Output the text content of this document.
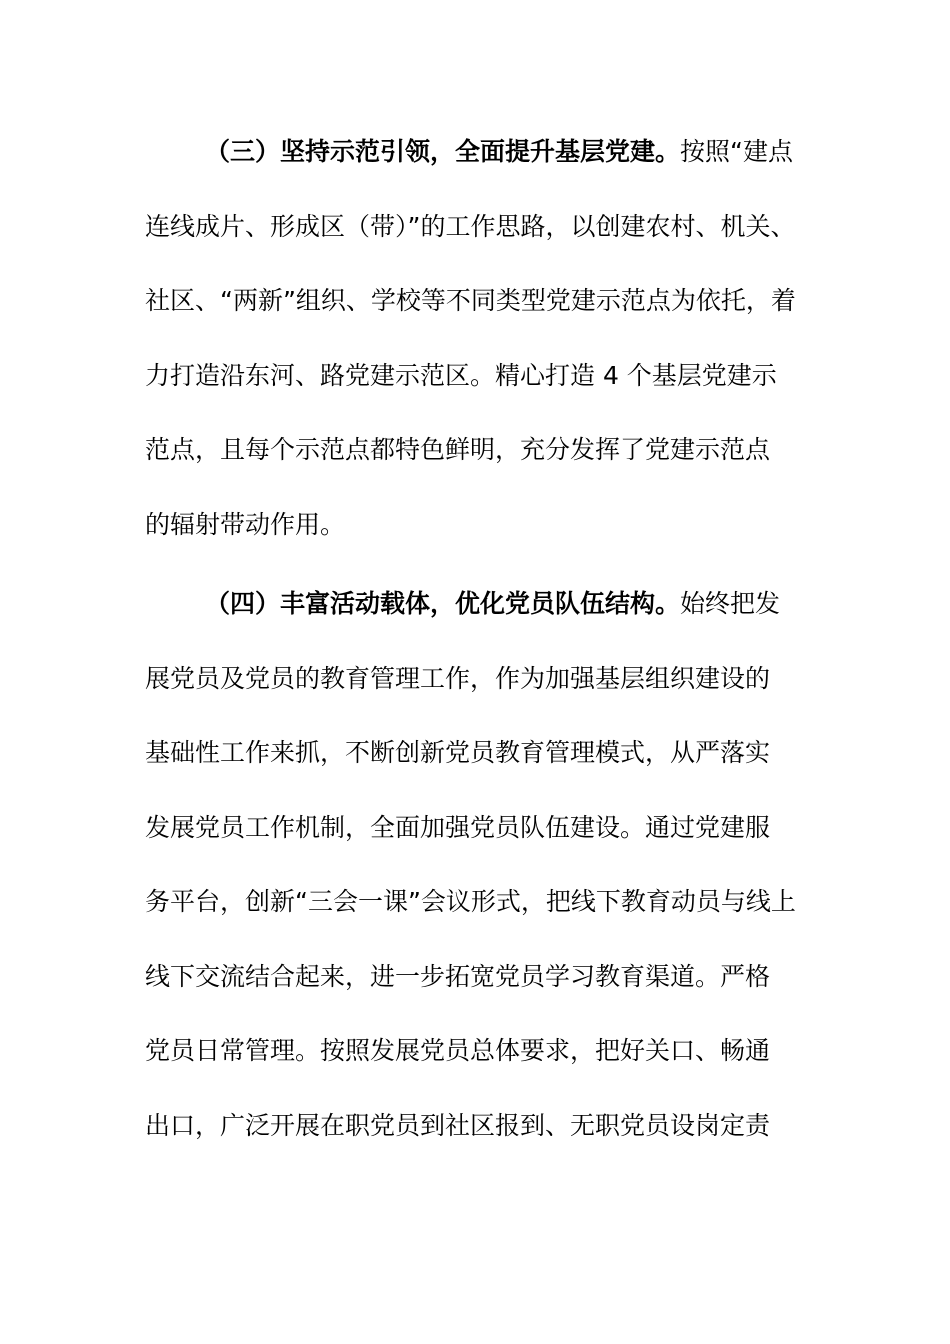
（三）坚持示范引领，全面提升基层党建。按照“建点
连线成片、形成区（带）”的工作思路，以创建农村、机关、
社区、“两新”组织、学校等不同类型党建示范点为依托，着
力打造沿东河、路党建示范区。精心打造 4 个基层党建示
范点，且每个示范点都特色鲜明，充分发挥了党建示范点
的辐射带动作用。
（四）丰富活动载体，优化党员队伍结构。始终把发
展党员及党员的教育管理工作，作为加强基层组织建设的
基础性工作来抓，不断创新党员教育管理模式，从严落实
发展党员工作机制，全面加强党员队伍建设。通过党建服
务平台，创新“三会一课”会议形式，把线下教育动员与线上
线下交流结合起来，进一步拓宽党员学习教育渠道。严格
党员日常管理。按照发展党员总体要求，把好关口、畅通
出口，广泛开展在职党员到社区报到、无职党员设岗定责
